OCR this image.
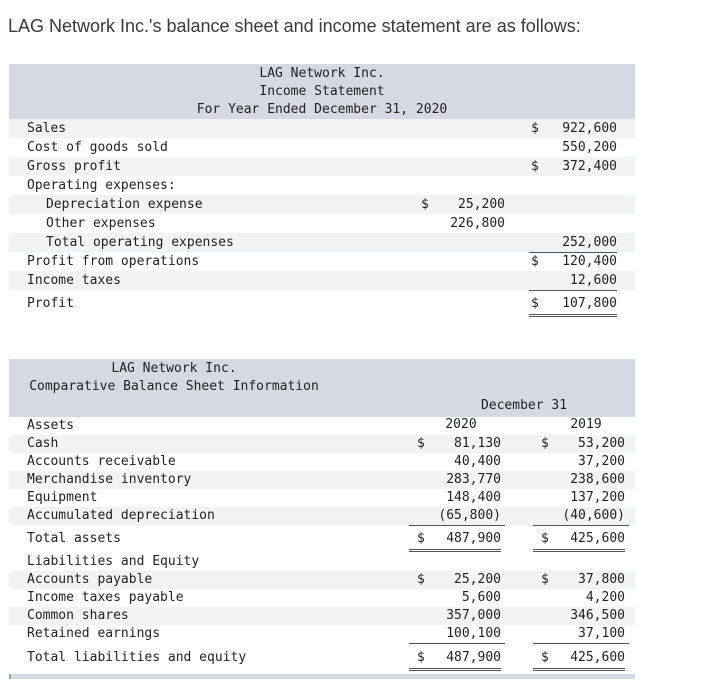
LAG Network Inc.'s balance sheet and income statement are as follows:
LAG Network Inc.
Income Statement
For Year Ended December 31, 2020
Sales	$	922,600
Cost of goods sold	550,200
Gross profit	$	372,400
Operating expenses:
Depreciation expense	$	25,200
Other expenses	226,800
Total operating expenses	252,000
Profit from operations	$	120,400
Income taxes	12,600
Profit	$	107,800
LAG Network Inc.
Comparative Balance Sheet Information
December 31
Assets	2020	2019
Cash	$	81,130	$	53,200
Accounts receivable	40,400	37,200
Merchandise inventory	283,770	238,600
Equipment	148,400	137,200
Accumulated depreciation	(65,800)	(40,600)
Total assets	$	487,900	$	425,600
Liabilities and Equity
Accounts payable	$	25,200	$	37,800
Income taxes payable	5,600	4,200
Common shares	357,000	346,500
Retained earnings	100,100	37,100
Total liabilities and equity	$	487,900	$	425,600
